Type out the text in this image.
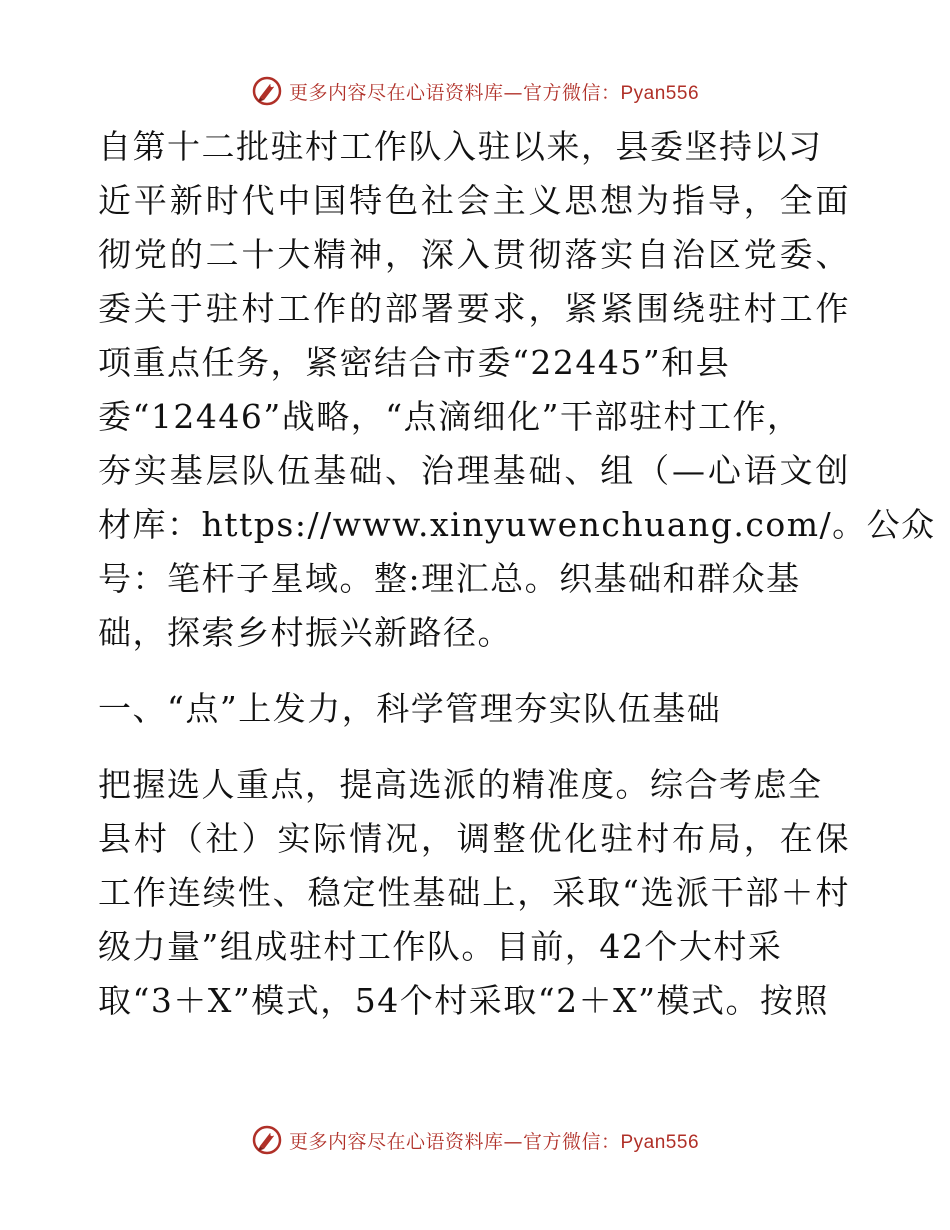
更多内容尽在心语资料库—官方微信：Pyan556
自第十二批驻村工作队入驻以来，县委坚持以习
近平新时代中国特色社会主义思想为指导，全面
彻党的二十大精神，深入贯彻落实自治区党委、
委关于驻村工作的部署要求，紧紧围绕驻村工作
项重点任务，紧密结合市委“22445”和县
委“12446”战略，“点滴细化”干部驻村工作，
夯实基层队伍基础、治理基础、组（—心语文创
材库：https://www.xinyuwenchuang.com/。公众
号：笔杆子星域。整:理汇总。织基础和群众基
础，探索乡村振兴新路径。
一、“点”上发力，科学管理夯实队伍基础
把握选人重点，提高选派的精准度。综合考虑全
县村（社）实际情况，调整优化驻村布局，在保
工作连续性、稳定性基础上，采取“选派干部＋村
级力量”组成驻村工作队。目前，42个大村采
取“3＋X”模式，54个村采取“2＋X”模式。按照
更多内容尽在心语资料库—官方微信：Pyan556
